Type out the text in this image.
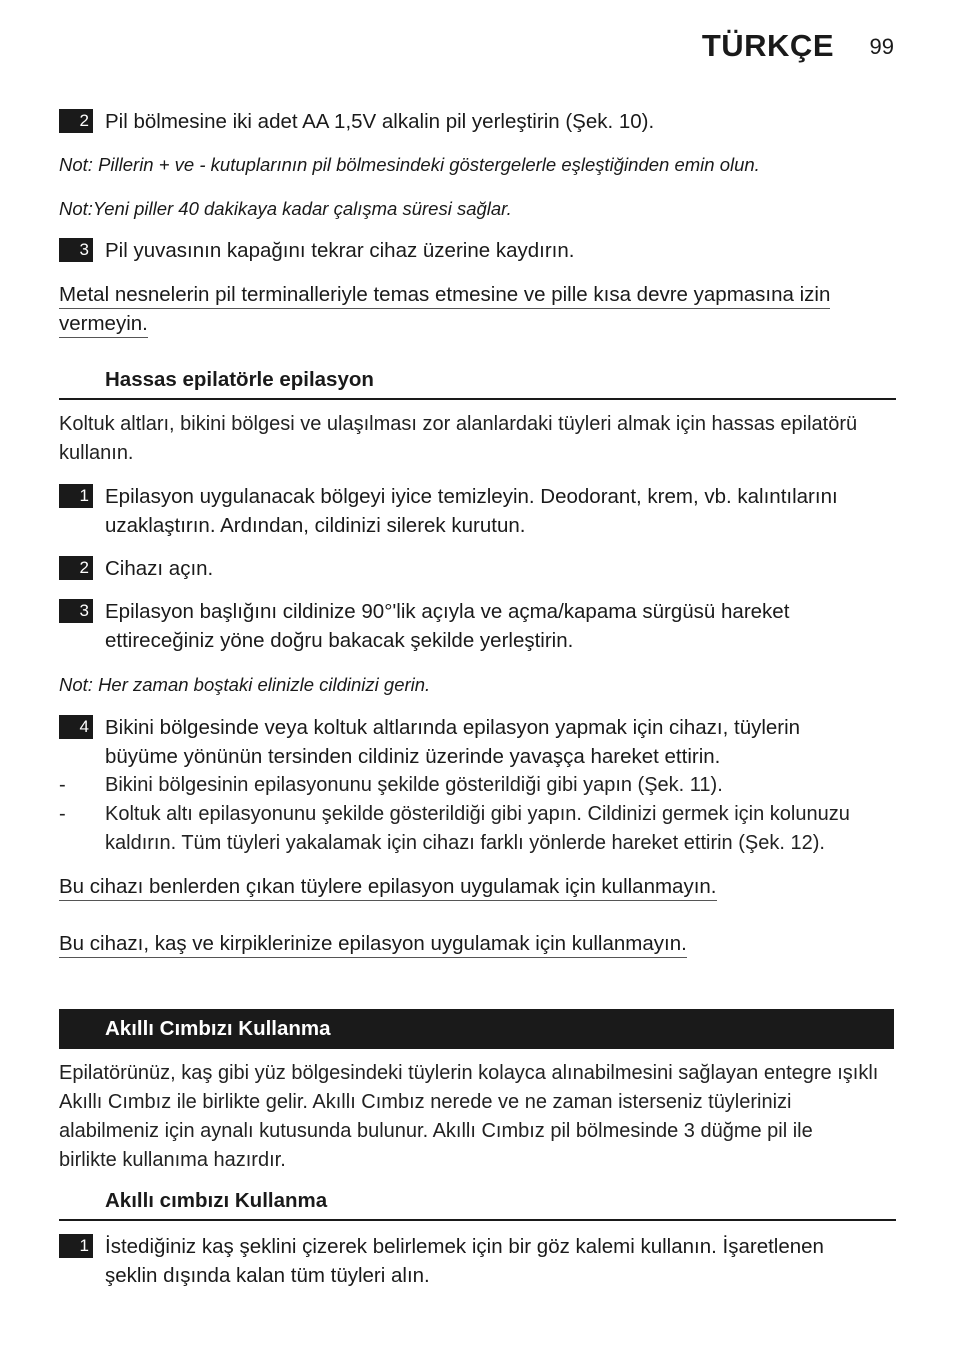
TÜRKÇE 99
2 Pil bölmesine iki adet AA 1,5V alkalin pil yerleştirin (Şek. 10).
Not: Pillerin + ve - kutuplarının pil bölmesindeki göstergelerle eşleştiğinden emin olun.
Not:Yeni piller 40 dakikaya kadar çalışma süresi sağlar.
3 Pil yuvasının kapağını tekrar cihaz üzerine kaydırın.
Metal nesnelerin pil terminalleriyle temas etmesine ve pille kısa devre yapmasına izin
vermeyin.
Hassas epilatörle epilasyon
Koltuk altları, bikini bölgesi ve ulaşılması zor alanlardaki tüyleri almak için hassas epilatörü
kullanın.
1 Epilasyon uygulanacak bölgeyi iyice temizleyin. Deodorant, krem, vb. kalıntılarını
uzaklaştırın. Ardından, cildinizi silerek kurutun.
2 Cihazı açın.
3 Epilasyon başlığını cildinize 90°'lik açıyla ve açma/kapama sürgüsü hareket
ettireceğiniz yöne doğru bakacak şekilde yerleştirin.
Not: Her zaman boştaki elinizle cildinizi gerin.
4 Bikini bölgesinde veya koltuk altlarında epilasyon yapmak için cihazı, tüylerin
büyüme yönünün tersinden cildiniz üzerinde yavaşça hareket ettirin.
-	Bikini bölgesinin epilasyonunu şekilde gösterildiği gibi yapın (Şek. 11).
-	Koltuk altı epilasyonunu şekilde gösterildiği gibi yapın. Cildinizi germek için kolunuzu
kaldırın. Tüm tüyleri yakalamak için cihazı farklı yönlerde hareket ettirin (Şek. 12).
Bu cihazı benlerden çıkan tüylere epilasyon uygulamak için kullanmayın.
Bu cihazı, kaş ve kirpiklerinize epilasyon uygulamak için kullanmayın.
Akıllı Cımbızı Kullanma
Epilatörünüz, kaş gibi yüz bölgesindeki tüylerin kolayca alınabilmesini sağlayan entegre ışıklı
Akıllı Cımbız ile birlikte gelir. Akıllı Cımbız nerede ve ne zaman isterseniz tüylerinizi
alabilmeniz için aynalı kutusunda bulunur. Akıllı Cımbız pil bölmesinde 3 düğme pil ile
birlikte kullanıma hazırdır.
Akıllı cımbızı Kullanma
1 İstediğiniz kaş şeklini çizerek belirlemek için bir göz kalemi kullanın. İşaretlenen
şeklin dışında kalan tüm tüyleri alın.
